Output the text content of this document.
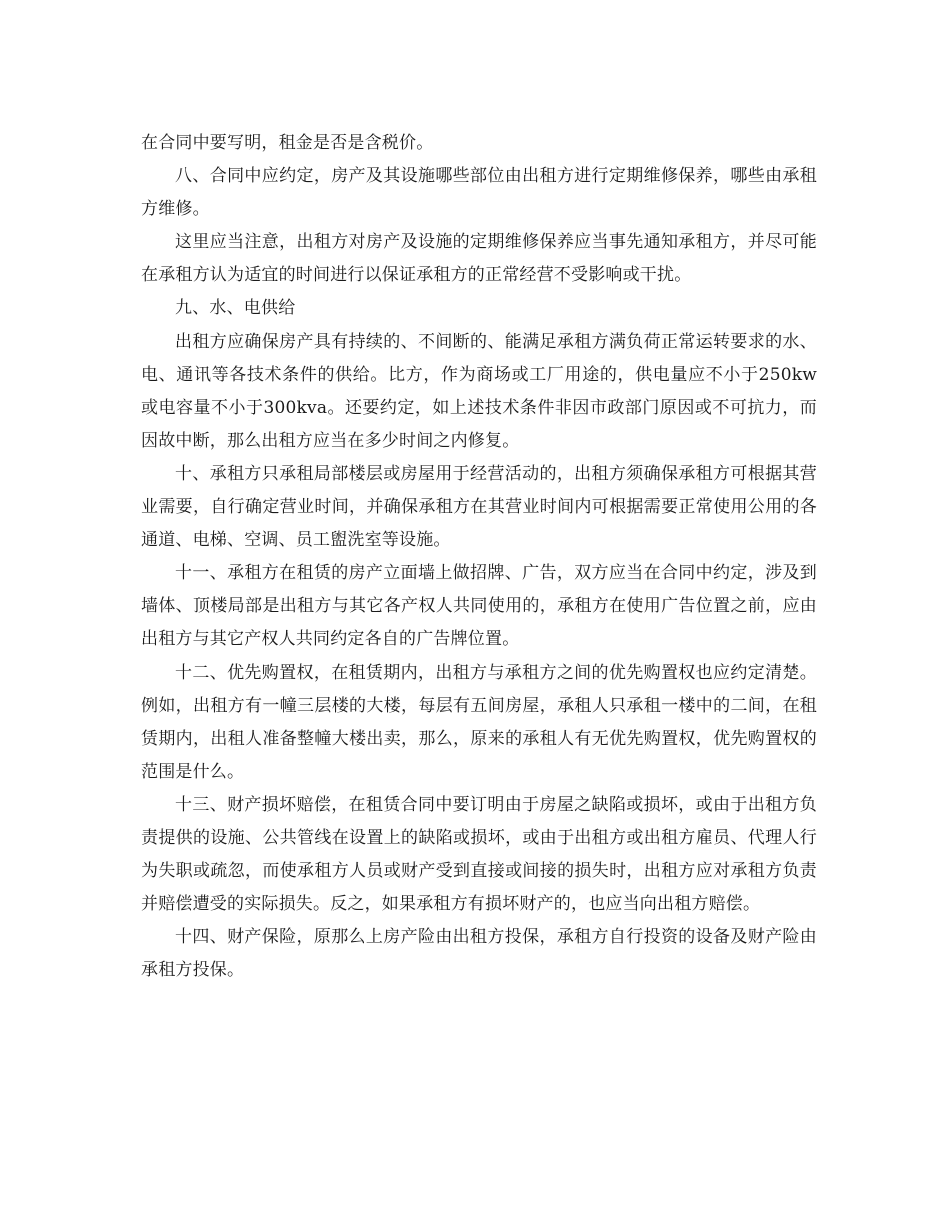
在合同中要写明，租金是否是含税价。

八、合同中应约定，房产及其设施哪些部位由出租方进行定期维修保养，哪些由承租方维修。

这里应当注意，出租方对房产及设施的定期维修保养应当事先通知承租方，并尽可能在承租方认为适宜的时间进行以保证承租方的正常经营不受影响或干扰。

九、水、电供给

出租方应确保房产具有持续的、不间断的、能满足承租方满负荷正常运转要求的水、电、通讯等各技术条件的供给。比方，作为商场或工厂用途的，供电量应不小于250kw或电容量不小于300kva。还要约定，如上述技术条件非因市政部门原因或不可抗力，而因故中断，那么出租方应当在多少时间之内修复。

十、承租方只承租局部楼层或房屋用于经营活动的，出租方须确保承租方可根据其营业需要，自行确定营业时间，并确保承租方在其营业时间内可根据需要正常使用公用的各通道、电梯、空调、员工盥洗室等设施。

十一、承租方在租赁的房产立面墙上做招牌、广告，双方应当在合同中约定，涉及到墙体、顶楼局部是出租方与其它各产权人共同使用的，承租方在使用广告位置之前，应由出租方与其它产权人共同约定各自的广告牌位置。

十二、优先购置权，在租赁期内，出租方与承租方之间的优先购置权也应约定清楚。例如，出租方有一幢三层楼的大楼，每层有五间房屋，承租人只承租一楼中的二间，在租赁期内，出租人准备整幢大楼出卖，那么，原来的承租人有无优先购置权，优先购置权的范围是什么。

十三、财产损坏赔偿，在租赁合同中要订明由于房屋之缺陷或损坏，或由于出租方负责提供的设施、公共管线在设置上的缺陷或损坏，或由于出租方或出租方雇员、代理人行为失职或疏忽，而使承租方人员或财产受到直接或间接的损失时，出租方应对承租方负责并赔偿遭受的实际损失。反之，如果承租方有损坏财产的，也应当向出租方赔偿。

十四、财产保险，原那么上房产险由出租方投保，承租方自行投资的设备及财产险由承租方投保。
